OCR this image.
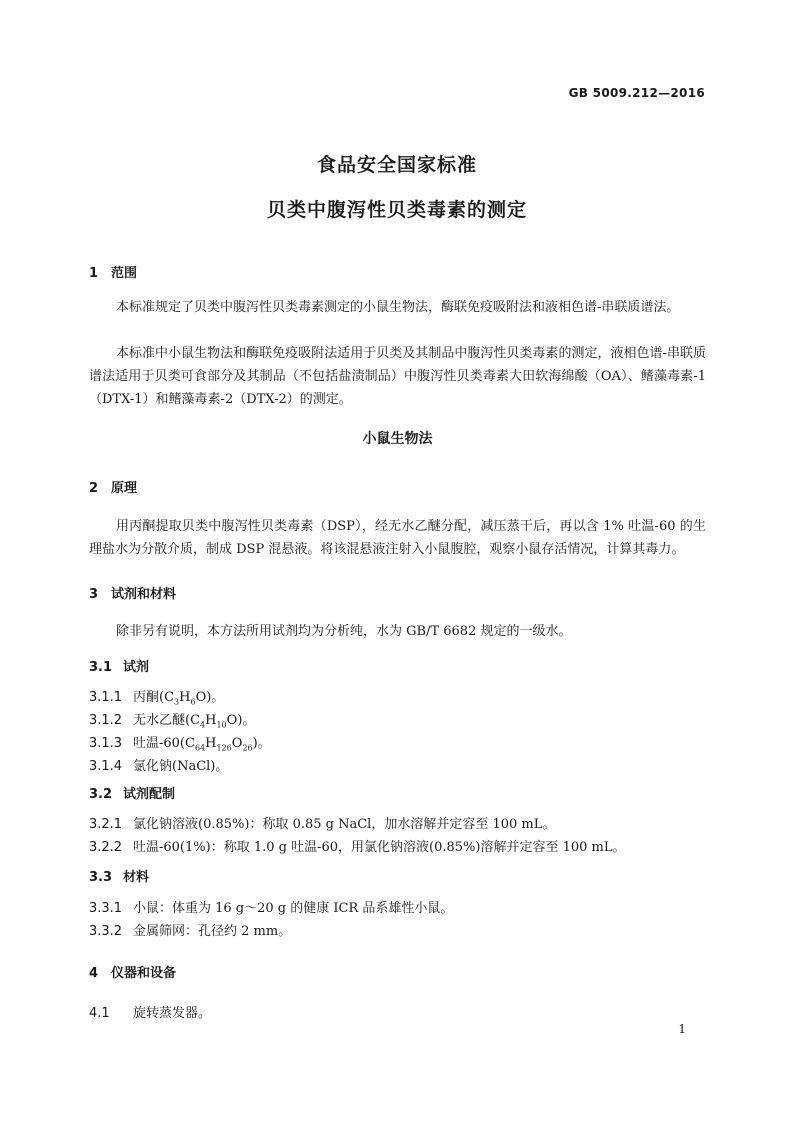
GB 5009.212—2016
食品安全国家标准
贝类中腹泻性贝类毒素的测定
1 范围
本标准规定了贝类中腹泻性贝类毒素测定的小鼠生物法，酶联免疫吸附法和液相色谱-串联质谱法。
本标准中小鼠生物法和酶联免疫吸附法适用于贝类及其制品中腹泻性贝类毒素的测定，液相色谱-串联质谱法适用于贝类可食部分及其制品（不包括盐渍制品）中腹泻性贝类毒素大田软海绵酸（OA）、鳍藻毒素-1（DTX-1）和鳍藻毒素-2（DTX-2）的测定。
小鼠生物法
2 原理
用丙酮提取贝类中腹泻性贝类毒素（DSP），经无水乙醚分配，减压蒸干后，再以含 1% 吐温-60 的生理盐水为分散介质，制成 DSP 混悬液。将该混悬液注射入小鼠腹腔，观察小鼠存活情况，计算其毒力。
3 试剂和材料
除非另有说明，本方法所用试剂均为分析纯，水为 GB/T 6682 规定的一级水。
3.1 试剂
3.1.1 丙酮$(C_3H_6O)$。
3.1.2 无水乙醚$(C_4H_{10}O)$。
3.1.3 吐温$-60(C_{64}H_{126}O_{26})$。
3.1.4 氯化钠(NaCl)。
3.2 试剂配制
3.2.1 氯化钠溶液(0.85%)：称取 0.85 g NaCl，加水溶解并定容至 100 mL。
3.2.2 吐温-60(1%)：称取 1.0 g 吐温-60，用氯化钠溶液(0.85%)溶解并定容至 100 mL。
3.3 材料
3.3.1 小鼠：体重为 16 g～20 g 的健康 ICR 品系雄性小鼠。
3.3.2 金属筛网：孔径约 2 mm。
4 仪器和设备
4.1 旋转蒸发器。
1
